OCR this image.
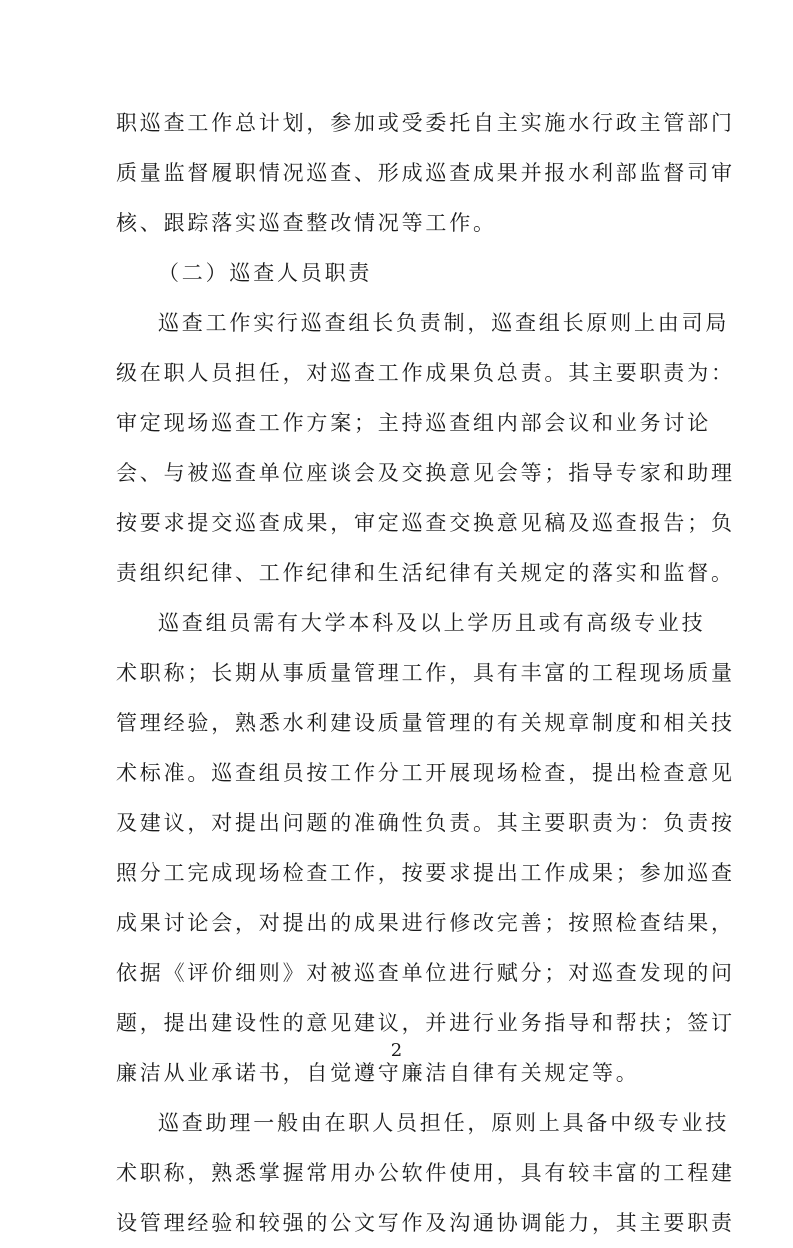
职巡查工作总计划，参加或受委托自主实施水行政主管部门
质量监督履职情况巡查、形成巡查成果并报水利部监督司审
核、跟踪落实巡查整改情况等工作。
（二）巡查人员职责
巡查工作实行巡查组长负责制，巡查组长原则上由司局
级在职人员担任，对巡查工作成果负总责。其主要职责为：
审定现场巡查工作方案；主持巡查组内部会议和业务讨论
会、与被巡查单位座谈会及交换意见会等；指导专家和助理
按要求提交巡查成果，审定巡查交换意见稿及巡查报告；负
责组织纪律、工作纪律和生活纪律有关规定的落实和监督。
巡查组员需有大学本科及以上学历且或有高级专业技
术职称；长期从事质量管理工作，具有丰富的工程现场质量
管理经验，熟悉水利建设质量管理的有关规章制度和相关技
术标准。巡查组员按工作分工开展现场检查，提出检查意见
及建议，对提出问题的准确性负责。其主要职责为：负责按
照分工完成现场检查工作，按要求提出工作成果；参加巡查
成果讨论会，对提出的成果进行修改完善；按照检查结果，
依据《评价细则》对被巡查单位进行赋分；对巡查发现的问
题，提出建设性的意见建议，并进行业务指导和帮扶；签订
廉洁从业承诺书，自觉遵守廉洁自律有关规定等。
巡查助理一般由在职人员担任，原则上具备中级专业技
术职称，熟悉掌握常用办公软件使用，具有较丰富的工程建
设管理经验和较强的公文写作及沟通协调能力，其主要职责
2
